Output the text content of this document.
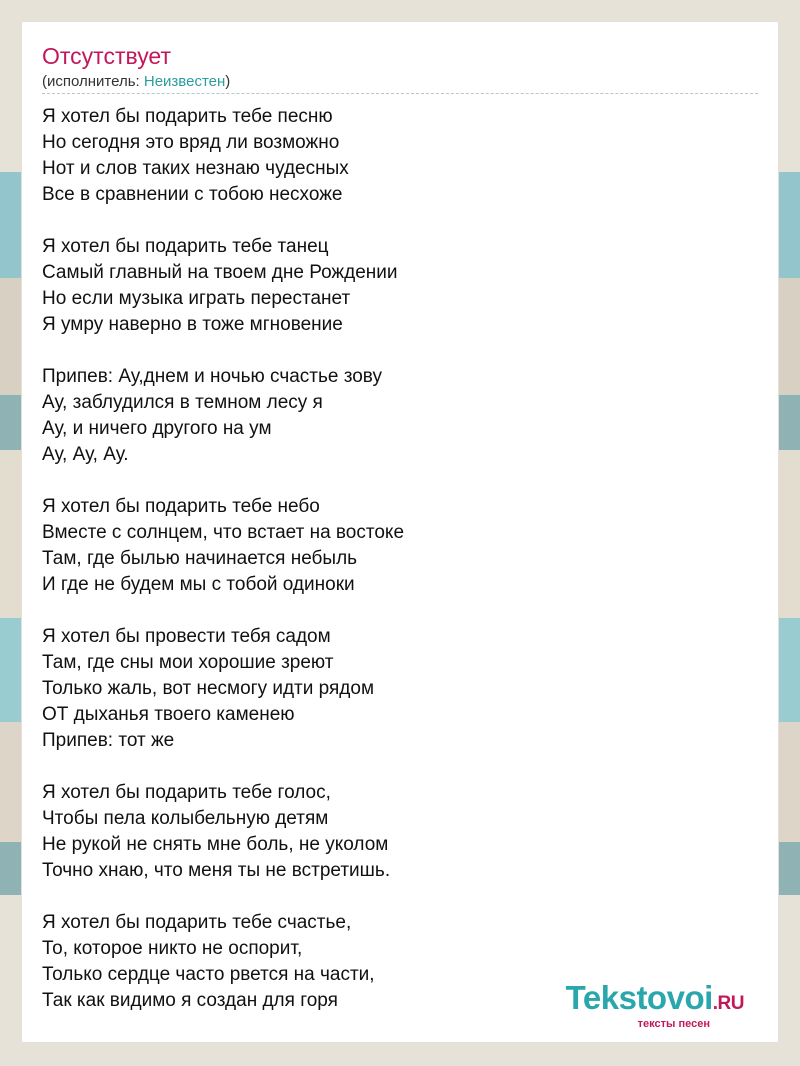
Отсутствует
(исполнитель: Неизвестен)
Я хотел бы подарить тебе песню
Но сегодня это вряд ли возможно
Нот и слов таких незнаю чудесных
Все в сравнении с тобою несхоже
Я хотел бы подарить тебе танец
Самый главный на твоем дне Рождении
Но если музыка играть перестанет
Я умру наверно в тоже мгновение
Припев: Ау,днем и ночью счастье зову
Ау, заблудился в темном лесу я
Ау, и ничего другого на ум
Ау, Ау, Ау.
Я хотел бы подарить тебе небо
Вместе с солнцем, что встает на востоке
Там, где былью начинается небыль
И где не будем мы с тобой одиноки
Я хотел бы провести тебя садом
Там, где сны мои хорошие зреют
Только жаль, вот несмогу идти рядом
ОТ дыханья твоего каменею
Припев: тот же
Я хотел бы подарить тебе голос,
Чтобы пела колыбельную детям
Не рукой не снять мне боль, не уколом
Точно хнаю, что меня ты не встретишь.
Я хотел бы подарить тебе счастье,
То, которое никто не оспорит,
Только сердце часто рвется на части,
Так как видимо я создан для горя	Tekstovoi.RU
тексты песен
